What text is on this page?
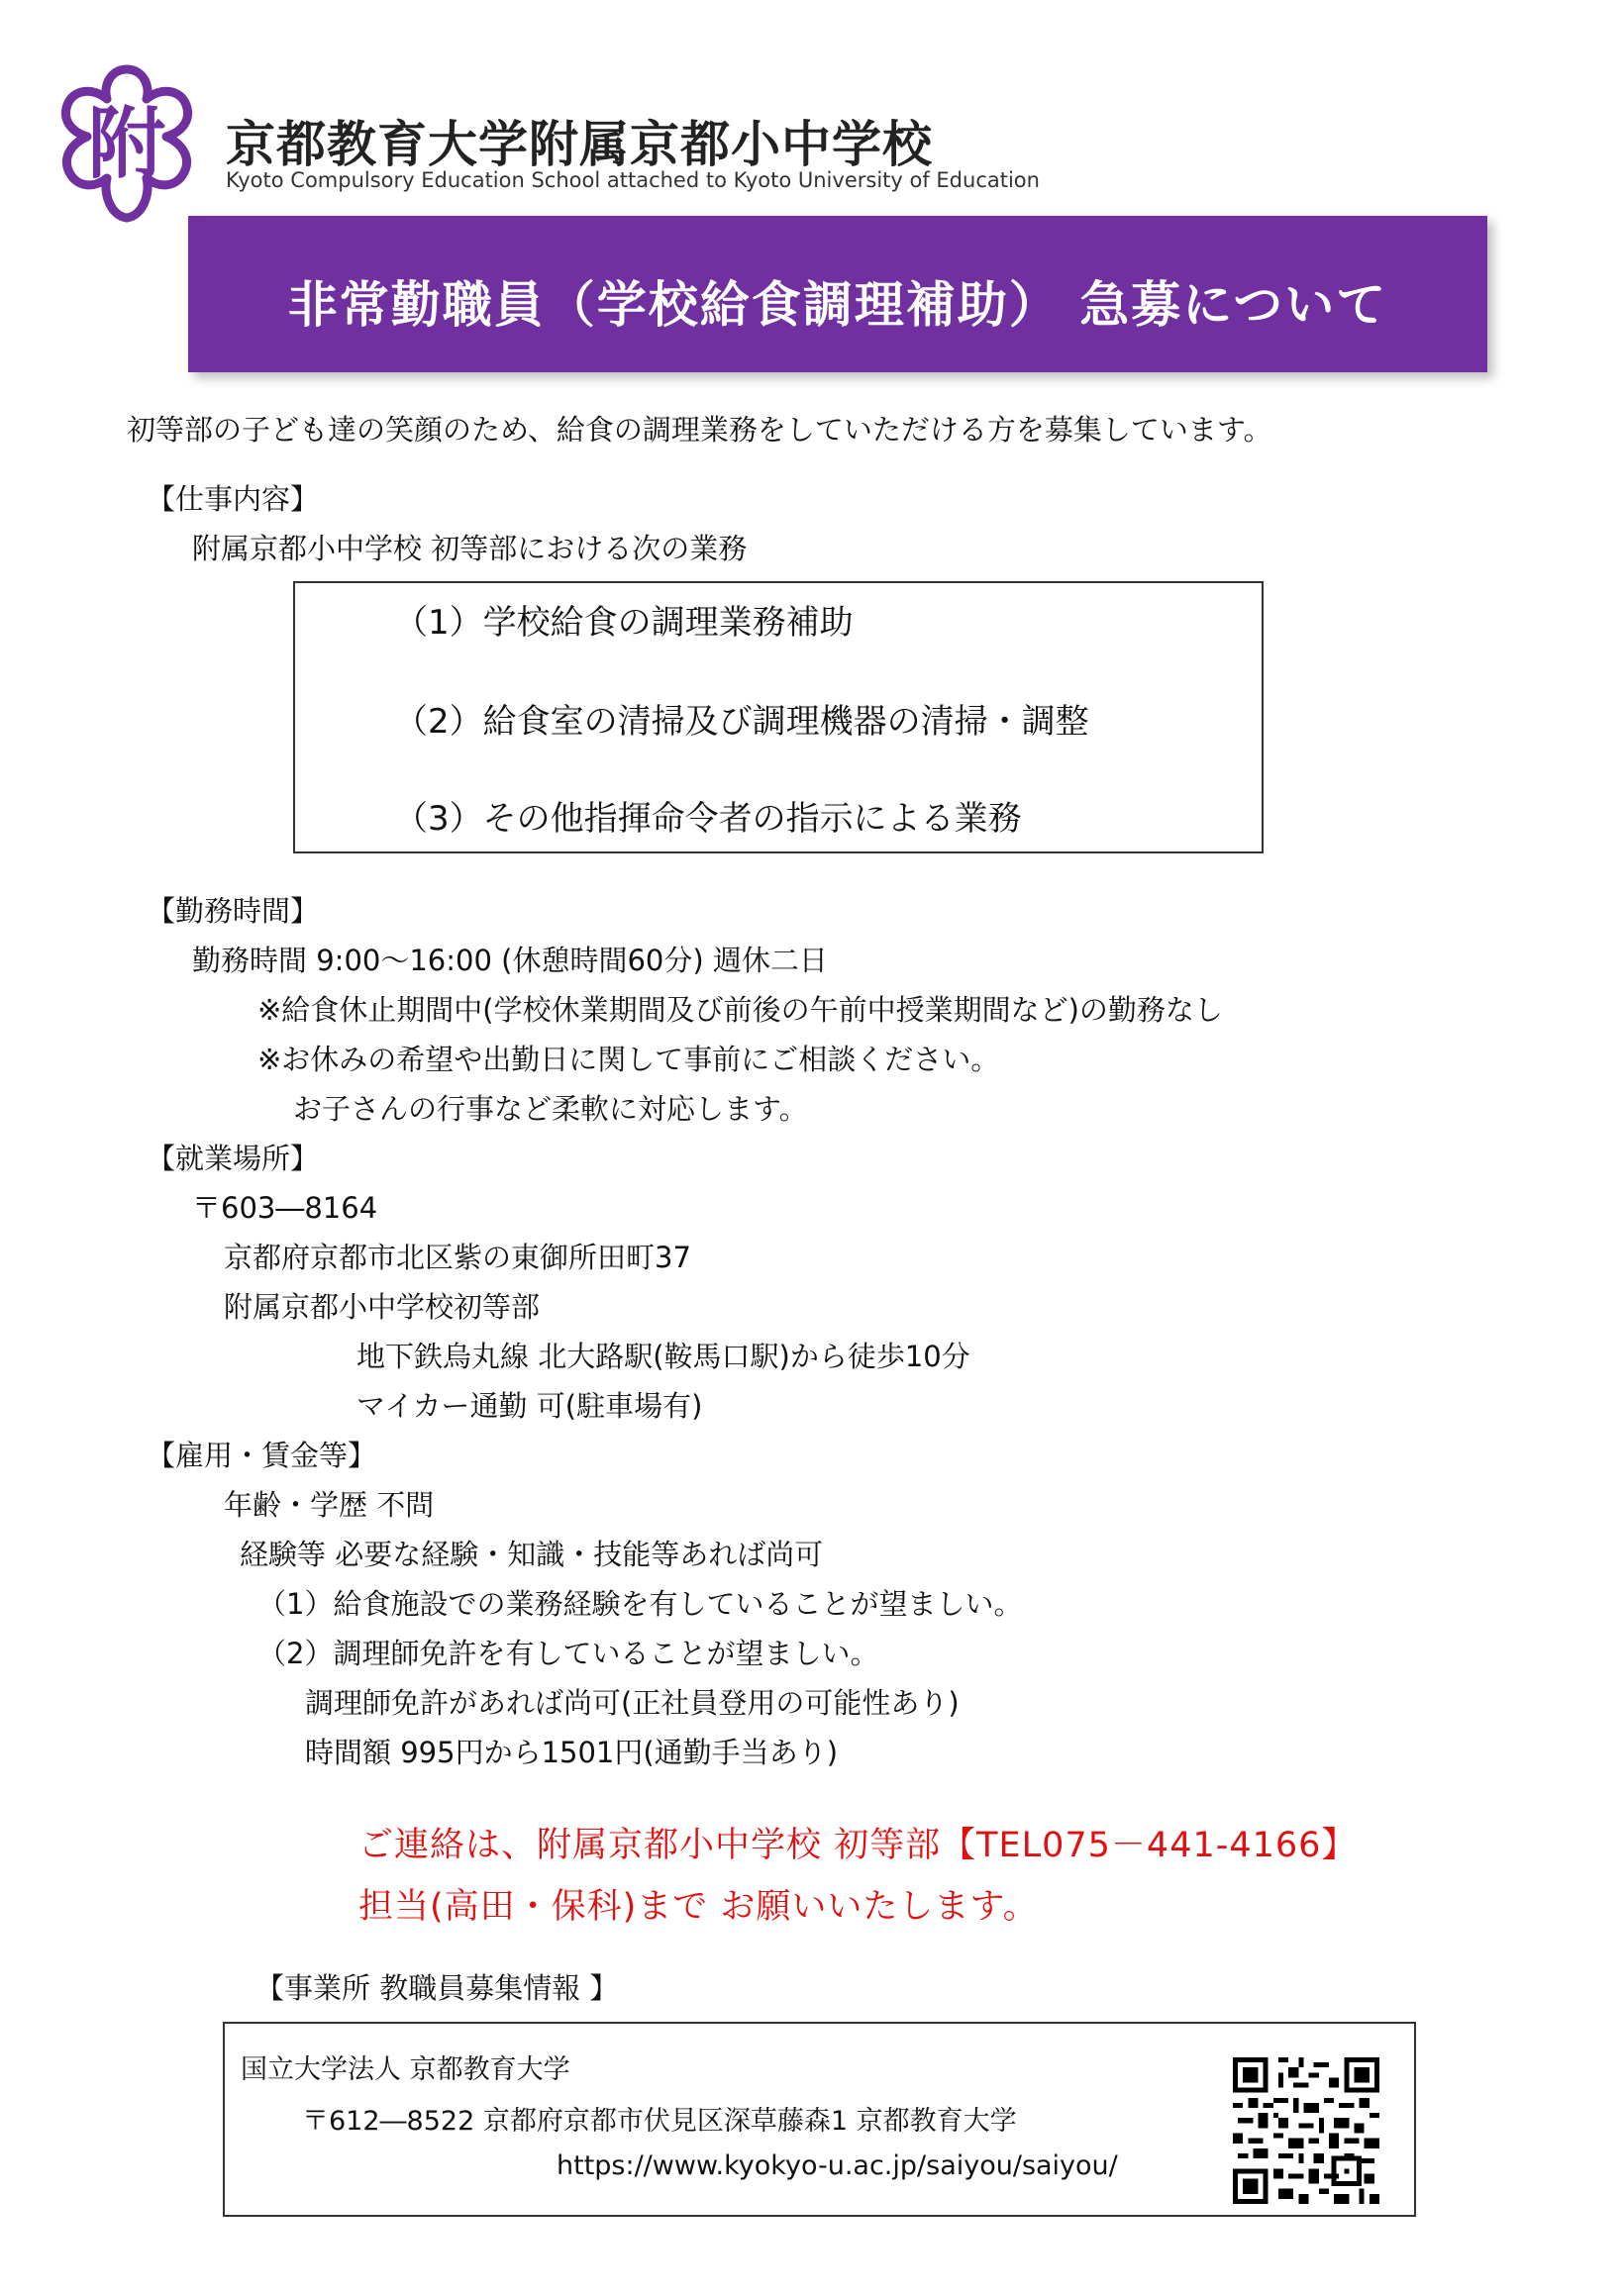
附 京都教育大学附属京都小中学校
Kyoto Compulsory Education School attached to Kyoto University of Education
非常勤職員（学校給食調理補助） 急募について
初等部の子ども達の笑顔のため、給食の調理業務をしていただける方を募集しています。
【仕事内容】
附属京都小中学校 初等部における次の業務
（1）学校給食の調理業務補助
（2）給食室の清掃及び調理機器の清掃・調整
（3）その他指揮命令者の指示による業務
【勤務時間】
勤務時間 9:00～16:00 (休憩時間60分) 週休二日
※給食休止期間中(学校休業期間及び前後の午前中授業期間など)の勤務なし
※お休みの希望や出勤日に関して事前にご相談ください。
お子さんの行事など柔軟に対応します。
【就業場所】
〒603―8164
京都府京都市北区紫の東御所田町37
附属京都小中学校初等部
地下鉄烏丸線 北大路駅(鞍馬口駅)から徒歩10分
マイカー通勤 可(駐車場有)
【雇用・賃金等】
年齢・学歴 不問
経験等 必要な経験・知識・技能等あれば尚可
（1）給食施設での業務経験を有していることが望ましい。
（2）調理師免許を有していることが望ましい。
調理師免許があれば尚可(正社員登用の可能性あり)
時間額 995円から1501円(通勤手当あり)
ご連絡は、附属京都小中学校 初等部【TEL075－441-4166】
担当(高田・保科)まで お願いいたします。
【事業所 教職員募集情報 】
国立大学法人 京都教育大学
〒612―8522 京都府京都市伏見区深草藤森1 京都教育大学
https://www.kyokyo-u.ac.jp/saiyou/saiyou/
